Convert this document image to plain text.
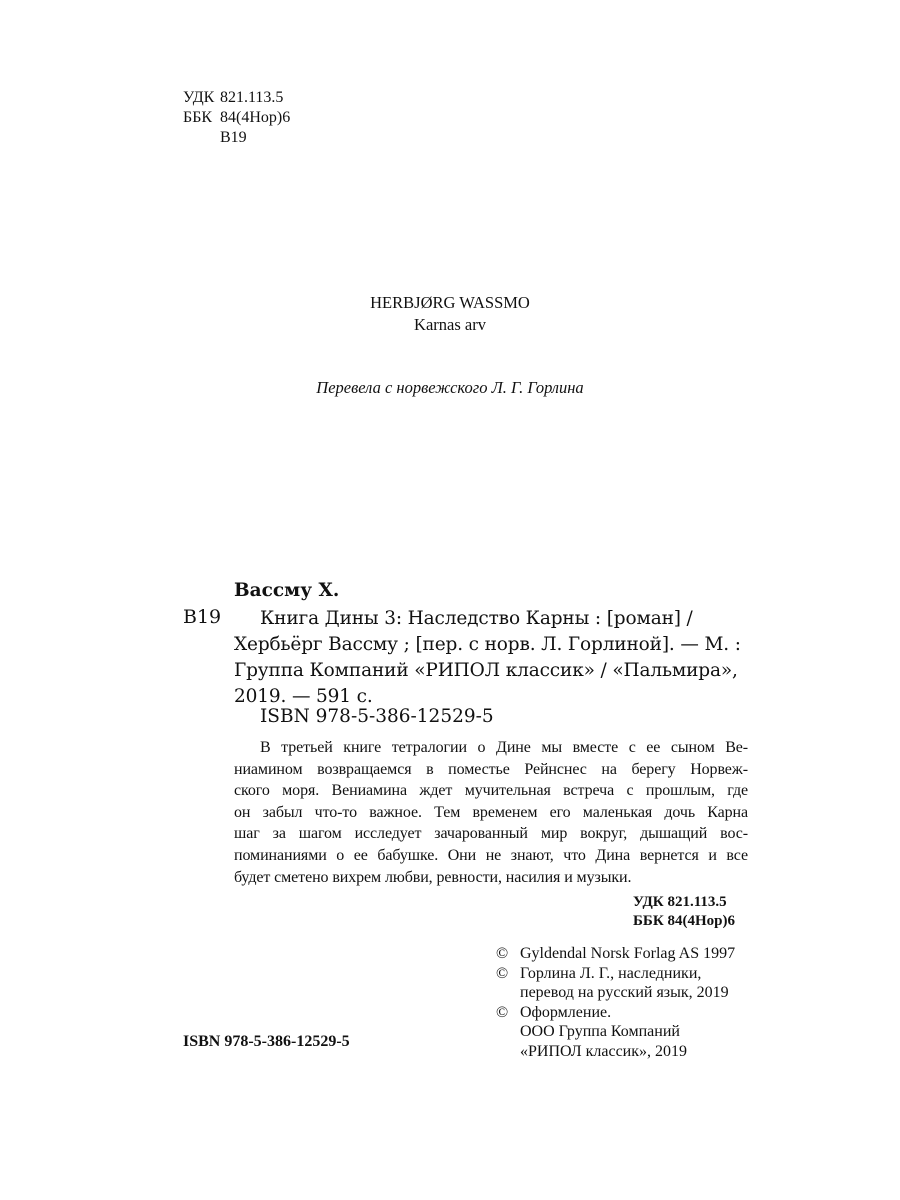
УДК 821.113.5
ББК 84(4Нор)6
В19
HERBJØRG WASSMO
Karnas arv
Перевела с норвежского Л. Г. Горлина
Вассму Х.
В19	Книга Дины 3: Наследство Карны : [роман] /
Хербьёрг Вассму ; [пер. с норв. Л. Горлиной]. — М. :
Группа Компаний «РИПОЛ классик» / «Пальмира»,
2019. — 591 с.
ISBN 978-5-386-12529-5
В третьей книге тетралогии о Дине мы вместе с ее сыном Ве-
ниамином возвращаемся в поместье Рейнснес на берегу Норвеж-
ского моря. Вениамина ждет мучительная встреча с прошлым, где
он забыл что-то важное. Тем временем его маленькая дочь Карна
шаг за шагом исследует зачарованный мир вокруг, дышащий вос-
поминаниями о ее бабушке. Они не знают, что Дина вернется и все
будет сметено вихрем любви, ревности, насилия и музыки.
УДК 821.113.5
ББК 84(4Нор)6
© Gyldendal Norsk Forlag AS 1997
© Горлина Л. Г., наследники,
перевод на русский язык, 2019
© Оформление.
ООО Группа Компаний
«РИПОЛ классик», 2019
ISBN 978-5-386-12529-5
